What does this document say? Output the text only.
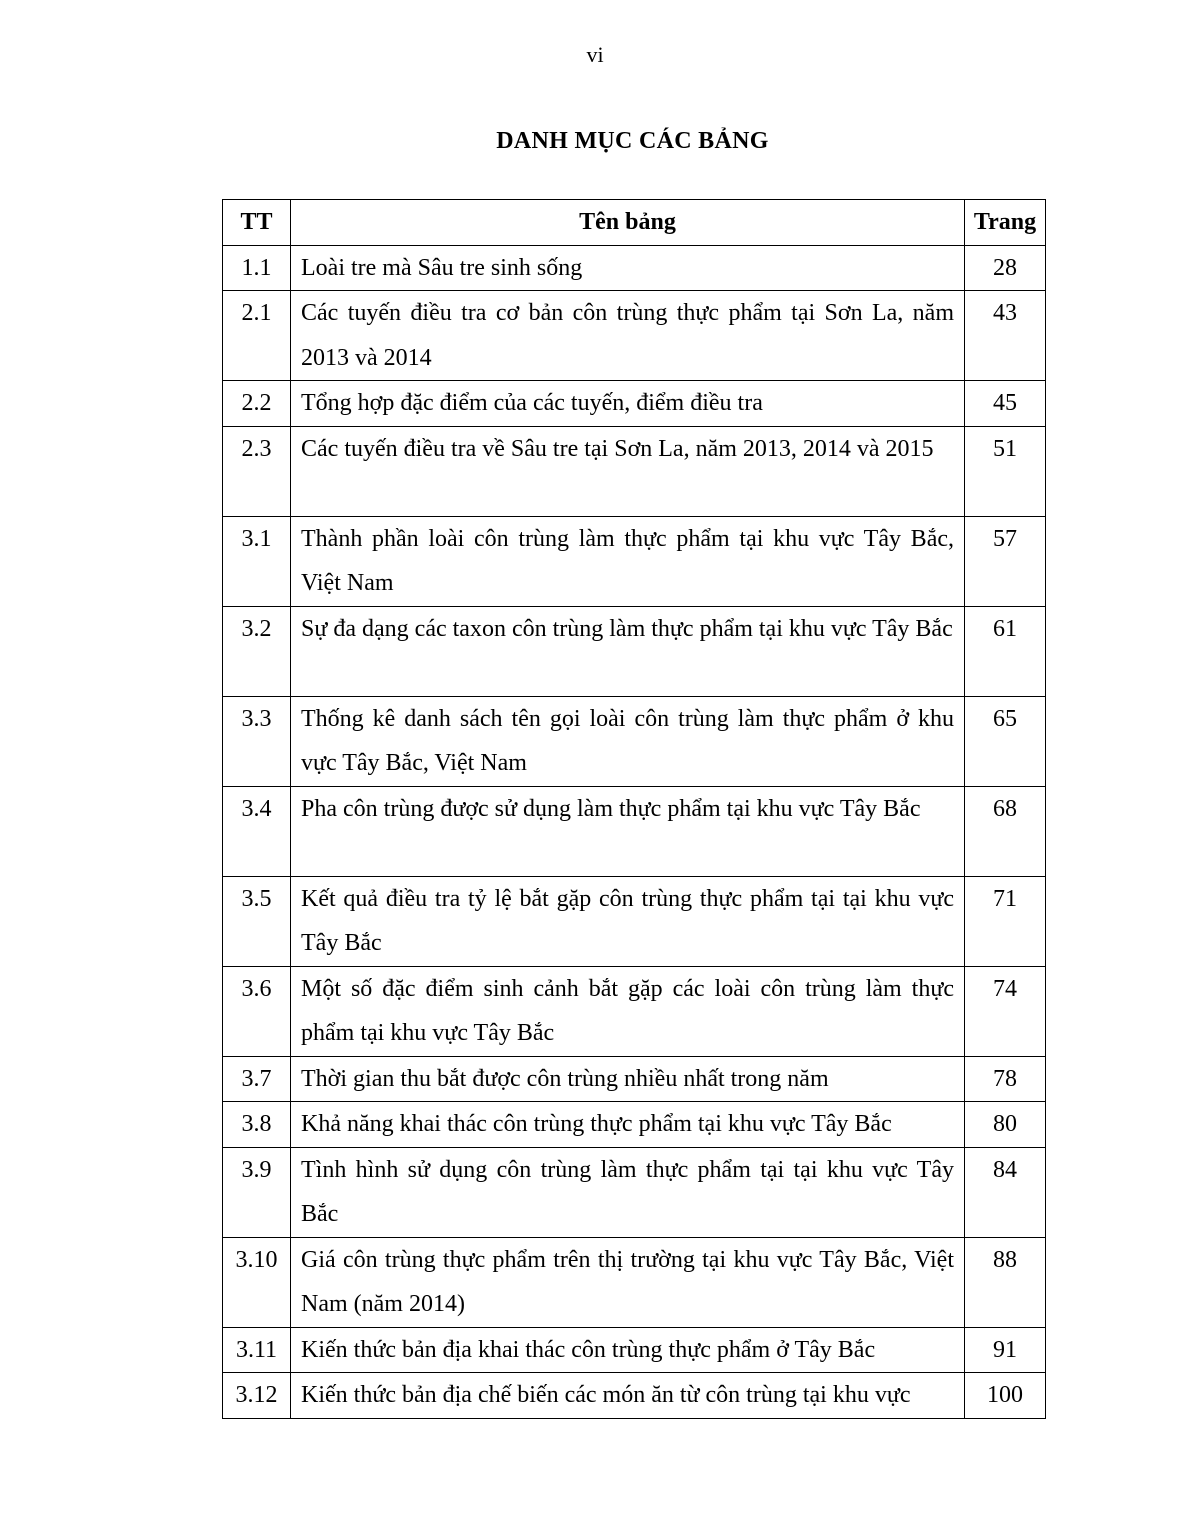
vi
DANH MỤC CÁC BẢNG
TT	Tên bảng	Trang
1.1	Loài tre mà Sâu tre sinh sống	28
2.1	Các tuyến điều tra cơ bản côn trùng thực phẩm tại Sơn La, năm 2013 và 2014	43
2.2	Tổng hợp đặc điểm của các tuyến, điểm điều tra	45
2.3	Các tuyến điều tra về Sâu tre tại Sơn La, năm 2013, 2014 và 2015	51
3.1	Thành phần loài côn trùng làm thực phẩm tại khu vực Tây Bắc, Việt Nam	57
3.2	Sự đa dạng các taxon côn trùng làm thực phẩm tại khu vực Tây Bắc	61
3.3	Thống kê danh sách tên gọi loài côn trùng làm thực phẩm ở khu vực Tây Bắc, Việt Nam	65
3.4	Pha côn trùng được sử dụng làm thực phẩm tại khu vực Tây Bắc	68
3.5	Kết quả điều tra tỷ lệ bắt gặp côn trùng thực phẩm tại tại khu vực Tây Bắc	71
3.6	Một số đặc điểm sinh cảnh bắt gặp các loài côn trùng làm thực phẩm tại khu vực Tây Bắc	74
3.7	Thời gian thu bắt được côn trùng nhiều nhất trong năm	78
3.8	Khả năng khai thác côn trùng thực phẩm tại khu vực Tây Bắc	80
3.9	Tình hình sử dụng côn trùng làm thực phẩm tại tại khu vực Tây Bắc	84
3.10	Giá côn trùng thực phẩm trên thị trường tại khu vực Tây Bắc, Việt Nam (năm 2014)	88
3.11	Kiến thức bản địa khai thác côn trùng thực phẩm ở Tây Bắc	91
3.12	Kiến thức bản địa chế biến các món ăn từ côn trùng tại khu vực	100
